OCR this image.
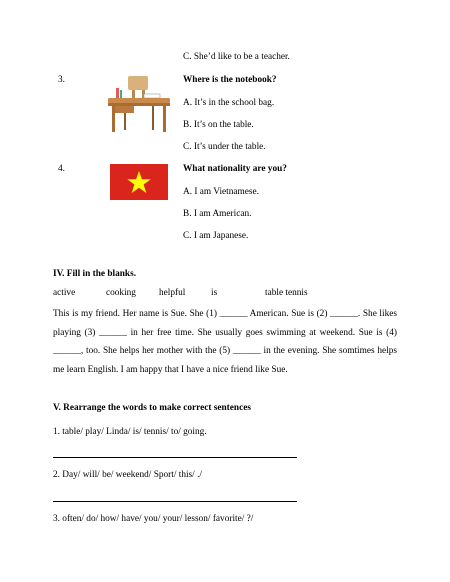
C. She’d like to be a teacher.
3.	Where is the notebook?
A. It’s in the school bag.
B. It’s on the table.
C. It’s under the table.
4.	What nationality are you?
A. I am Vietnamese.
B. I am American.
C. I am Japanese.
IV. Fill in the blanks.
active	cooking helpful	is	table tennis
This is my friend. Her name is Sue. She (1) ______ American. Sue is (2) ______. She likes playing (3) ______ in her free time. She usually goes swimming at weekend. Sue is (4) ______, too. She helps her mother with the (5) ______ in the evening. She somtimes helps me learn English. I am happy that I have a nice friend like Sue.
V. Rearrange the words to make correct sentences
1. table/ play/ Linda/ is/ tennis/ to/ going.
2. Day/ will/ be/ weekend/ Sport/ this/ ./
3. often/ do/ how/ have/ you/ your/ lesson/ favorite/ ?/
